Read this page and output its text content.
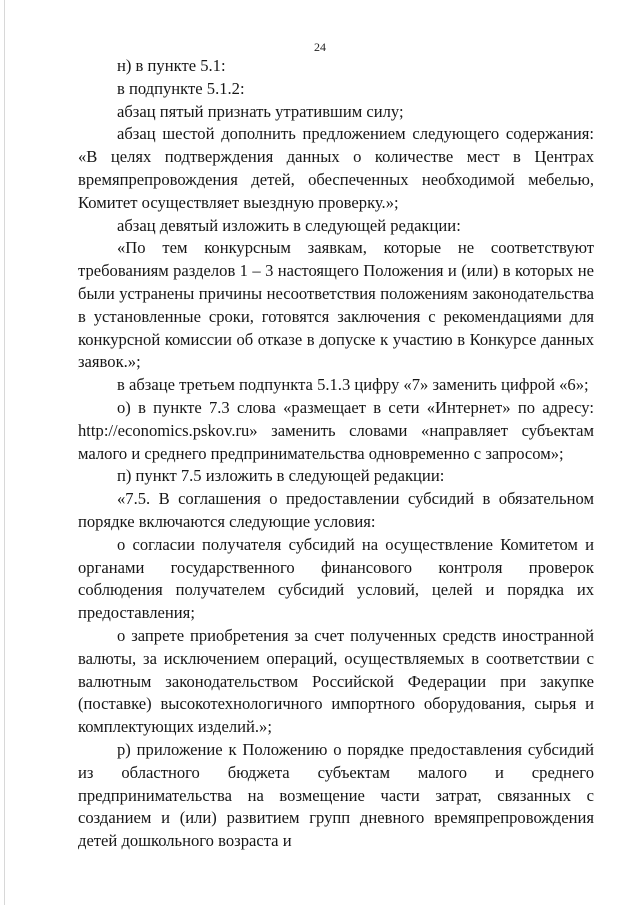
24

н) в пункте 5.1:

в подпункте 5.1.2:

абзац пятый признать утратившим силу;

абзац шестой дополнить предложением следующего содержания: «В целях подтверждения данных о количестве мест в Центрах времяпрепровождения детей, обеспеченных необходимой мебелью, Комитет осуществляет выездную проверку.»;

абзац девятый изложить в следующей редакции:

«По тем конкурсным заявкам, которые не соответствуют требованиям разделов 1 – 3 настоящего Положения и (или) в которых не были устранены причины несоответствия положениям законодательства в установленные сроки, готовятся заключения с рекомендациями для конкурсной комиссии об отказе в допуске к участию в Конкурсе данных заявок.»;

в абзаце третьем подпункта 5.1.3 цифру «7» заменить цифрой «6»;

о) в пункте 7.3 слова «размещает в сети «Интернет» по адресу: http://economics.pskov.ru» заменить словами «направляет субъектам малого и среднего предпринимательства одновременно с запросом»;

п) пункт 7.5 изложить в следующей редакции:

«7.5. В соглашения о предоставлении субсидий в обязательном порядке включаются следующие условия:

о согласии получателя субсидий на осуществление Комитетом и органами государственного финансового контроля проверок соблюдения получателем субсидий условий, целей и порядка их предоставления;

о запрете приобретения за счет полученных средств иностранной валюты, за исключением операций, осуществляемых в соответствии с валютным законодательством Российской Федерации при закупке (поставке) высокотехнологичного импортного оборудования, сырья и комплектующих изделий.»;

р) приложение к Положению о порядке предоставления субсидий из областного бюджета субъектам малого и среднего предпринимательства на возмещение части затрат, связанных с созданием и (или) развитием групп дневного времяпрепровождения детей дошкольного возраста и
